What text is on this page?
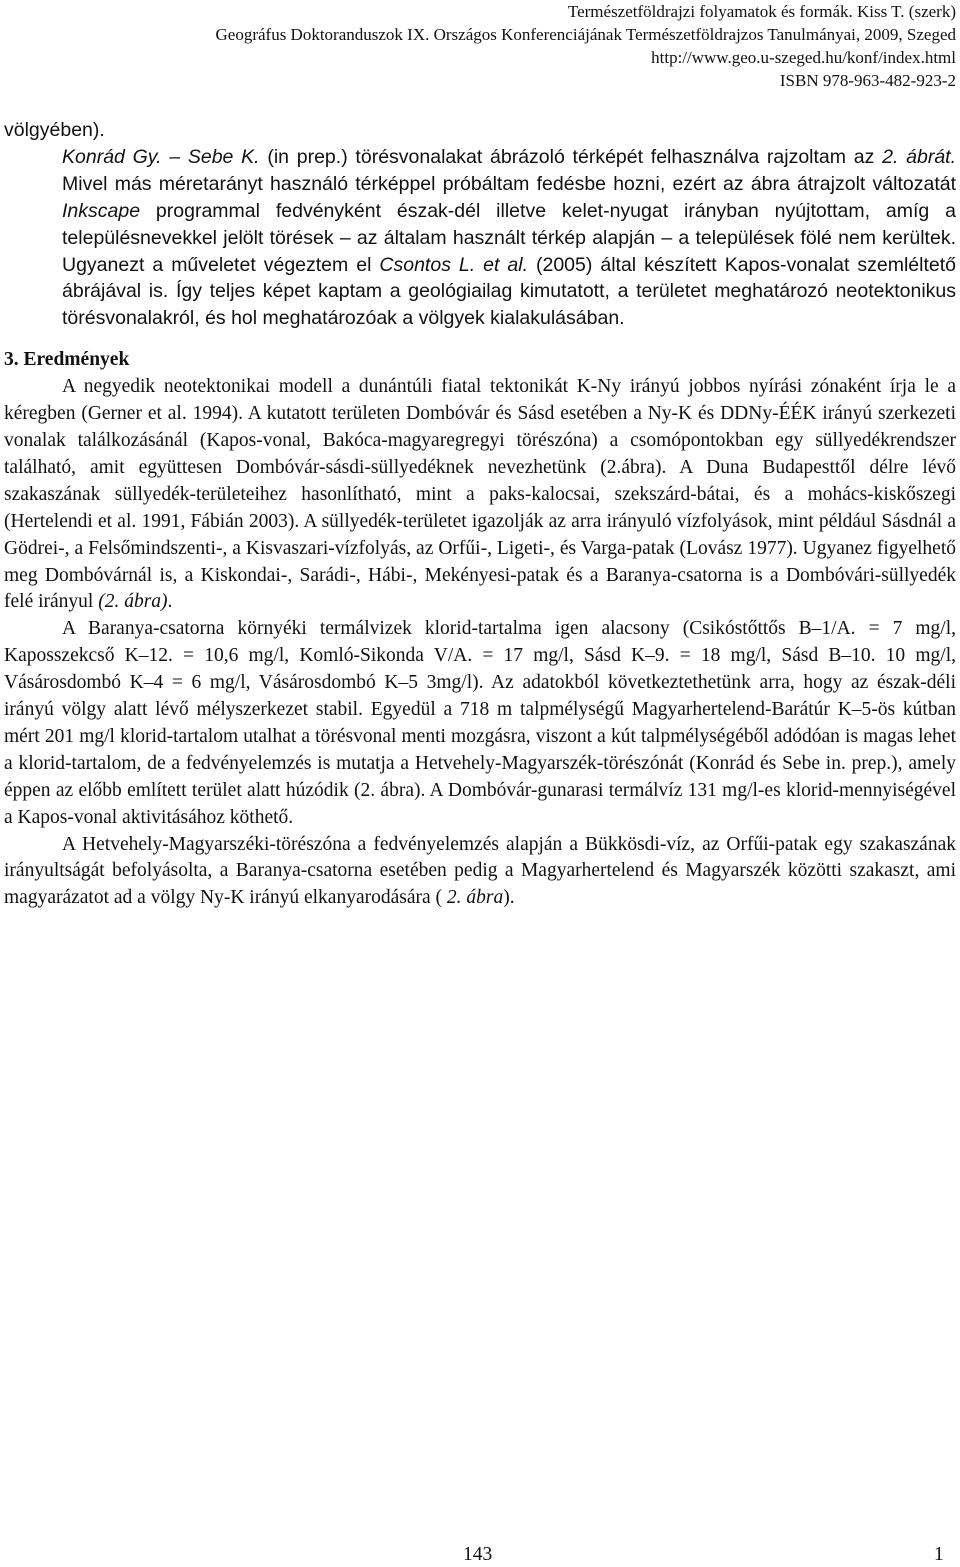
Természetföldrajzi folyamatok és formák. Kiss T. (szerk)
Geográfus Doktoranduszok IX. Országos Konferenciájának Természetföldrajzos Tanulmányai, 2009, Szeged
http://www.geo.u-szeged.hu/konf/index.html
ISBN 978-963-482-923-2

völgyében).

Konrád Gy. – Sebe K. (in prep.) törésvonalakat ábrázoló térképét felhasználva rajzoltam az 2. ábrát. Mivel más méretarányt használó térképpel próbáltam fedésbe hozni, ezért az ábra átrajzolt változatát Inkscape programmal fedvényként észak-dél illetve kelet-nyugat irányban nyújtottam, amíg a településnevekkel jelölt törések – az általam használt térkép alapján – a települések fölé nem kerültek. Ugyanezt a műveletet végeztem el Csontos L. et al. (2005) által készített Kapos-vonalat szemléltető ábrájával is. Így teljes képet kaptam a geológiailag kimutatott, a területet meghatározó neotektonikus törésvonalakról, és hol meghatározóak a völgyek kialakulásában.

3. Eredmények

A negyedik neotektonikai modell a dunántúli fiatal tektonikát K-Ny irányú jobbos nyírási zónaként írja le a kéregben (Gerner et al. 1994). A kutatott területen Dombóvár és Sásd esetében a Ny-K és DDNy-ÉÉK irányú szerkezeti vonalak találkozásánál (Kapos-vonal, Bakóca-magyaregregyi törészóna) a csomópontokban egy süllyedékrendszer található, amit együttesen Dombóvár-sásdi-süllyedéknek nevezhetünk (2.ábra). A Duna Budapesttől délre lévő szakaszának süllyedék-területeihez hasonlítható, mint a paks-kalocsai, szekszárd-bátai, és a mohács-kiskőszegi (Hertelendi et al. 1991, Fábián 2003). A süllyedék-területet igazolják az arra irányuló vízfolyások, mint például Sásdnál a Gödrei-, a Felsőmindszenti-, a Kisvaszari-vízfolyás, az Orfűi-, Ligeti-, és Varga-patak (Lovász 1977). Ugyanez figyelhető meg Dombóvárnál is, a Kiskondai-, Sarádi-, Hábi-, Mekényesi-patak és a Baranya-csatorna is a Dombóvári-süllyedék felé irányul (2. ábra).

A Baranya-csatorna környéki termálvizek klorid-tartalma igen alacsony (Csikóstőttős B–1/A. = 7 mg/l, Kaposszekcső K–12. = 10,6 mg/l, Komló-Sikonda V/A. = 17 mg/l, Sásd K–9. = 18 mg/l, Sásd B–10. 10 mg/l, Vásárosdombó K–4 = 6 mg/l, Vásárosdombó K–5 3mg/l). Az adatokból következtethetünk arra, hogy az észak-déli irányú völgy alatt lévő mélyszerkezet stabil. Egyedül a 718 m talpmélységű Magyarhertelend-Barátúr K–5-ös kútban mért 201 mg/l klorid-tartalom utalhat a törésvonal menti mozgásra, viszont a kút talpmélységéből adódóan is magas lehet a klorid-tartalom, de a fedvényelemzés is mutatja a Hetvehely-Magyarszék-törészónát (Konrád és Sebe in. prep.), amely éppen az előbb említett terület alatt húzódik (2. ábra). A Dombóvár-gunarasi termálvíz 131 mg/l-es klorid-mennyiségével a Kapos-vonal aktivitásához köthető.

A Hetvehely-Magyarszéki-törészóna a fedvényelemzés alapján a Bükkösdi-víz, az Orfűi-patak egy szakaszának irányultságát befolyásolta, a Baranya-csatorna esetében pedig a Magyarhertelend és Magyarszék közötti szakaszt, ami magyarázatot ad a völgy Ny-K irányú elkanyarodására ( 2. ábra).

143	1
